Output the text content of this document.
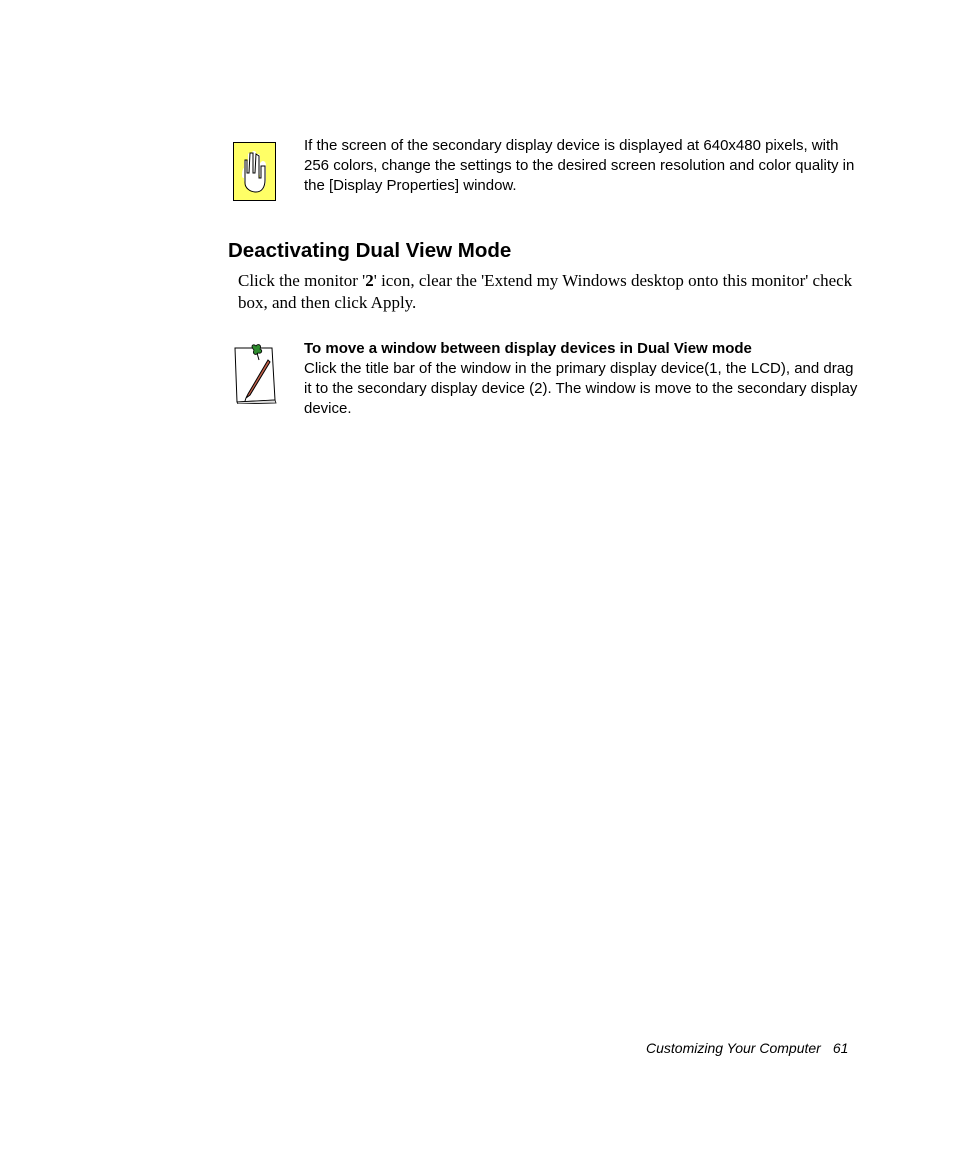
If the screen of the secondary display device is displayed at 640x480 pixels, with 256 colors, change the settings to the desired screen resolution and color quality in the [Display Properties] window.
Deactivating Dual View Mode

Click the monitor '2' icon, clear the 'Extend my Windows desktop onto this monitor' check box, and then click Apply.

To move a window between display devices in Dual View mode
Click the title bar of the window in the primary display device(1, the LCD), and drag it to the secondary display device (2). The window is move to the secondary display device.
Customizing Your Computer 61
